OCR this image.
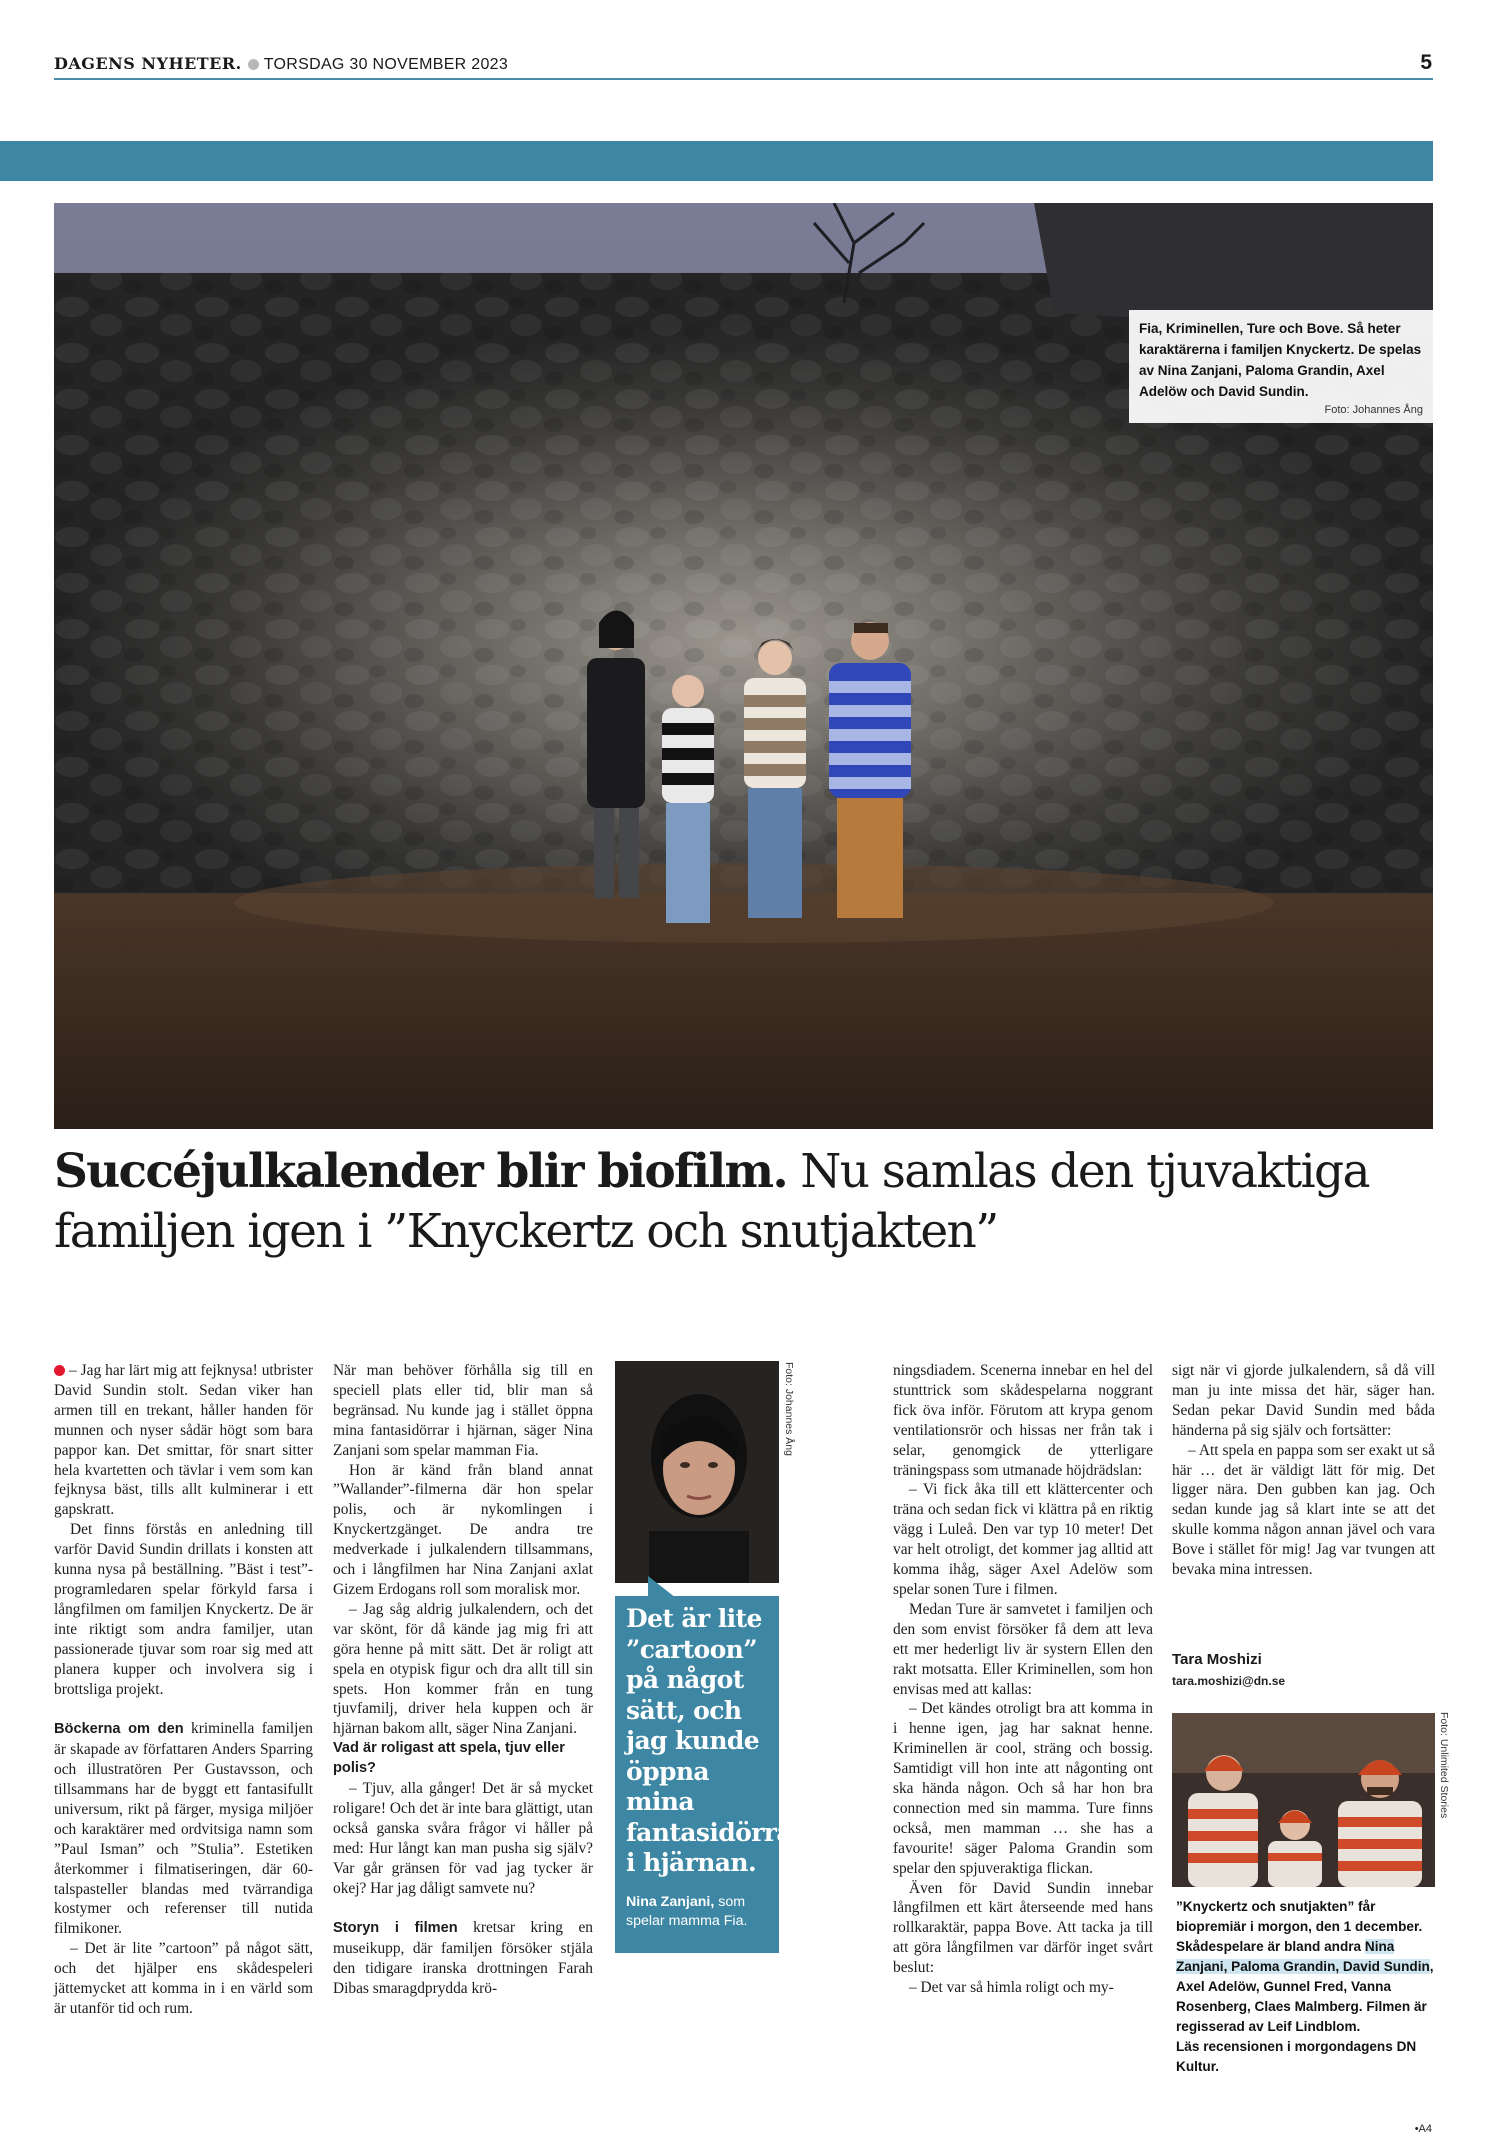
DAGENS NYHETER. TORSDAG 30 NOVEMBER 2023	5
Fia, Kriminellen, Ture och Bove. Så heter karaktärerna i familjen Knyckertz. De spelas av Nina Zanjani, Paloma Grandin, Axel Adelöw och David Sundin.
Foto: Johannes Ång
Succéjulkalender blir biofilm. Nu samlas den tjuvaktiga familjen igen i ”Knyckertz och snutjakten”

– Jag har lärt mig att fejknysa! utbrister David Sundin stolt. Sedan viker han armen till en trekant, håller handen för munnen och nyser sådär högt som bara pappor kan. Det smittar, för snart sitter hela kvartetten och tävlar i vem som kan fejknysa bäst, tills allt kulminerar i ett gapskratt.

Det finns förstås en anledning till varför David Sundin drillats i konsten att kunna nysa på beställning. ”Bäst i test”-programledaren spelar förkyld farsa i långfilmen om familjen Knyckertz. De är inte riktigt som andra familjer, utan passionerade tjuvar som roar sig med att planera kupper och involvera sig i brottsliga projekt.

Böckerna om den kriminella familjen är skapade av författaren Anders Sparring och illustratören Per Gustavsson, och tillsammans har de byggt ett fantasifullt universum, rikt på färger, mysiga miljöer och karaktärer med ordvitsiga namn som ”Paul Isman” och ”Stulia”. Estetiken återkommer i filmatiseringen, där 60-talspasteller blandas med tvärrandiga kostymer och referenser till nutida filmikoner.

– Det är lite ”cartoon” på något sätt, och det hjälper ens skådespeleri jättemycket att komma in i en värld som är utanför tid och rum.

När man behöver förhålla sig till en speciell plats eller tid, blir man så begränsad. Nu kunde jag i stället öppna mina fantasidörrar i hjärnan, säger Nina Zanjani som spelar mamman Fia.

Hon är känd från bland annat ”Wallander”-filmerna där hon spelar polis, och är nykomlingen i Knyckertzgänget. De andra tre medverkade i julkalendern tillsammans, och i långfilmen har Nina Zanjani axlat Gizem Erdogans roll som moralisk mor.

– Jag såg aldrig julkalendern, och det var skönt, för då kände jag mig fri att göra henne på mitt sätt. Det är roligt att spela en otypisk figur och dra allt till sin spets. Hon kommer från en tung tjuvfamilj, driver hela kuppen och är hjärnan bakom allt, säger Nina Zanjani.

Vad är roligast att spela, tjuv eller polis?

– Tjuv, alla gånger! Det är så mycket roligare! Och det är inte bara glättigt, utan också ganska svåra frågor vi håller på med: Hur långt kan man pusha sig själv? Var går gränsen för vad jag tycker är okej? Har jag dåligt samvete nu?

Storyn i filmen kretsar kring en museikupp, där familjen försöker stjäla den tidigare iranska drottningen Farah Dibas smaragdprydda krö-

Foto: Johannes Ång
Det är lite ”cartoon” på något sätt, och jag kunde öppna mina fantasidörrar i hjärnan.
Nina Zanjani, som spelar mamma Fia.

ningsdiadem. Scenerna innebar en hel del stunttrick som skådespelarna noggrant fick öva inför. Förutom att krypa genom ventilationsrör och hissas ner från tak i selar, genomgick de ytterligare träningspass som utmanade höjdrädslan:

– Vi fick åka till ett klättercenter och träna och sedan fick vi klättra på en riktig vägg i Luleå. Den var typ 10 meter! Det var helt otroligt, det kommer jag alltid att komma ihåg, säger Axel Adelöw som spelar sonen Ture i filmen.

Medan Ture är samvetet i familjen och den som envist försöker få dem att leva ett mer hederligt liv är systern Ellen den rakt motsatta. Eller Kriminellen, som hon envisas med att kallas:

– Det kändes otroligt bra att komma in i henne igen, jag har saknat henne. Kriminellen är cool, sträng och bossig. Samtidigt vill hon inte att någonting ont ska hända någon. Och så har hon bra connection med sin mamma. Ture finns också, men mamman … she has a favourite! säger Paloma Grandin som spelar den spjuveraktiga flickan.

Även för David Sundin innebar långfilmen ett kärt återseende med hans rollkaraktär, pappa Bove. Att tacka ja till att göra långfilmen var därför inget svårt beslut:

– Det var så himla roligt och my-

sigt när vi gjorde julkalendern, så då vill man ju inte missa det här, säger han. Sedan pekar David Sundin med båda händerna på sig själv och fortsätter:

– Att spela en pappa som ser exakt ut så här … det är väldigt lätt för mig. Det ligger nära. Den gubben kan jag. Och sedan kunde jag så klart inte se att det skulle komma någon annan jävel och vara Bove i stället för mig! Jag var tvungen att bevaka mina intressen.

Tara Moshizi
tara.moshizi@dn.se
Foto: Unlimited Stories
”Knyckertz och snutjakten” får biopremiär i morgon, den 1 december. Skådespelare är bland andra Nina Zanjani, Paloma Grandin, David Sundin, Axel Adelöw, Gunnel Fred, Vanna Rosenberg, Claes Malmberg. Filmen är regisserad av Leif Lindblom.
Läs recensionen i morgondagens DN Kultur.
•A4
